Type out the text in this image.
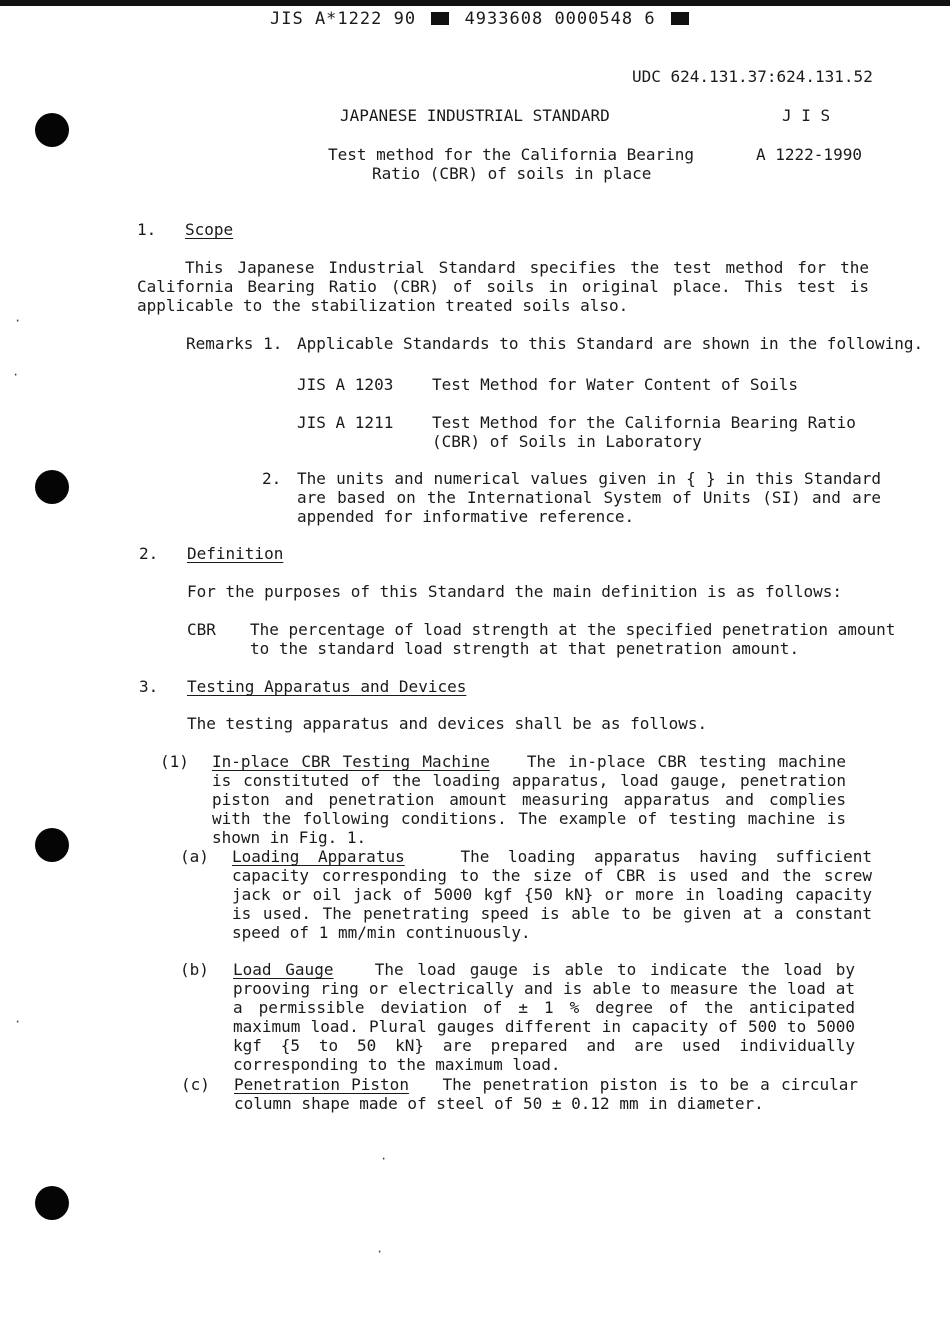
JIS A*1222 90	4933608 0000548 6
UDC 624.131.37:624.131.52
JAPANESE INDUSTRIAL STANDARD	J I S
Test method for the California Bearing
Ratio (CBR) of soils in place
A 1222-1990
1. Scope
This Japanese Industrial Standard specifies the test method for the California Bearing Ratio (CBR) of soils in original place. This test is applicable to the stabilization treated soils also.
Remarks 1. Applicable Standards to this Standard are shown in the following.
JIS A 1203 Test Method for Water Content of Soils
JIS A 1211 Test Method for the California Bearing Ratio
(CBR) of Soils in Laboratory
2. The units and numerical values given in { } in this Standard are based on the International System of Units (SI) and are appended for informative reference.
2. Definition
For the purposes of this Standard the main definition is as follows:
CBR The percentage of load strength at the specified penetration amount
to the standard load strength at that penetration amount.
3. Testing Apparatus and Devices
The testing apparatus and devices shall be as follows.
(1) In-place CBR Testing Machine The in-place CBR testing machine is constituted of the loading apparatus, load gauge, penetration piston and penetration amount measuring apparatus and complies with the following conditions. The example of testing machine is shown in Fig. 1.
(a) Loading Apparatus	The loading apparatus having sufficient capacity corresponding to the size of CBR is used and the screw jack or oil jack of 5000 kgf {50 kN} or more in loading capacity is used. The penetrating speed is able to be given at a constant speed of 1 mm/min continuously.
(b) Load Gauge	The load gauge is able to indicate the load by prooving ring or electrically and is able to measure the load at a permissible deviation of ± 1 % degree of the anticipated maximum load. Plural gauges different in capacity of 500 to 5000 kgf {5 to 50 kN} are prepared and are used individually corresponding to the maximum load.
(c) Penetration Piston The penetration piston is to be a circular column shape made of steel of 50 ± 0.12 mm in diameter.
·
·
·
·
·
